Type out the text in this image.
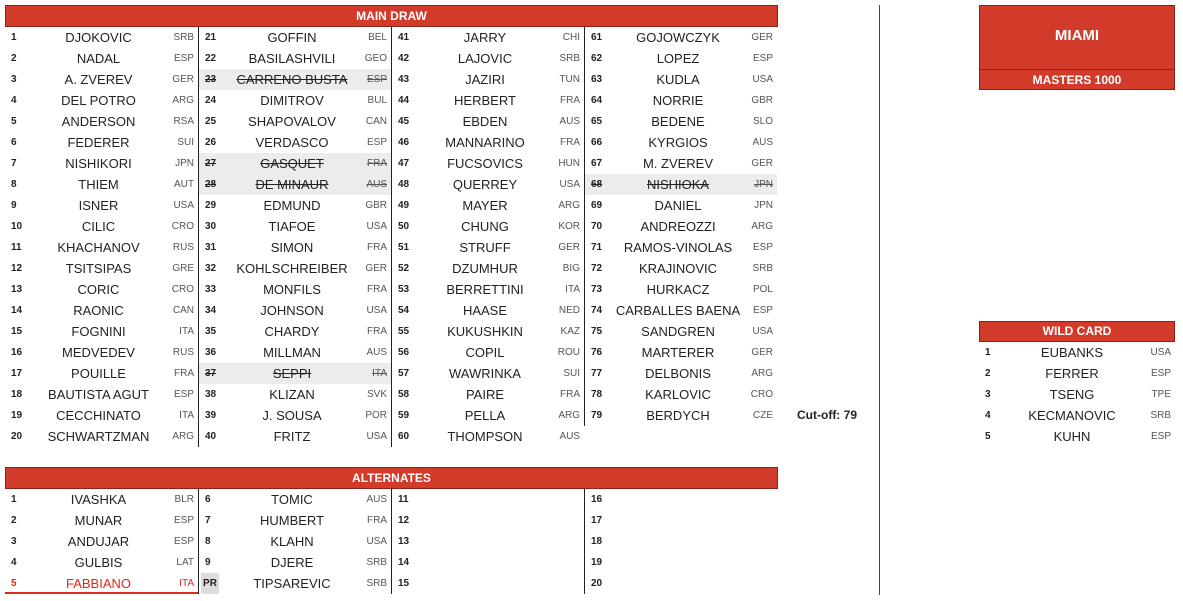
MAIN DRAW
1	DJOKOVIC	SRB
2	NADAL	ESP
3	A. ZVEREV	GER
4	DEL POTRO	ARG
5	ANDERSON	RSA
6	FEDERER	SUI
7	NISHIKORI	JPN
8	THIEM	AUT
9	ISNER	USA
10	CILIC	CRO
11	KHACHANOV	RUS
12	TSITSIPAS	GRE
13	CORIC	CRO
14	RAONIC	CAN
15	FOGNINI	ITA
16	MEDVEDEV	RUS
17	POUILLE	FRA
18	BAUTISTA AGUT	ESP
19	CECCHINATO	ITA
20	SCHWARTZMAN	ARG
21	GOFFIN	BEL
22	BASILASHVILI	GEO
23	CARRENO BUSTA	ESP
24	DIMITROV	BUL
25	SHAPOVALOV	CAN
26	VERDASCO	ESP
27	GASQUET	FRA
28	DE MINAUR	AUS
29	EDMUND	GBR
30	TIAFOE	USA
31	SIMON	FRA
32	KOHLSCHREIBER	GER
33	MONFILS	FRA
34	JOHNSON	USA
35	CHARDY	FRA
36	MILLMAN	AUS
37	SEPPI	ITA
38	KLIZAN	SVK
39	J. SOUSA	POR
40	FRITZ	USA
41	JARRY	CHI
42	LAJOVIC	SRB
43	JAZIRI	TUN
44	HERBERT	FRA
45	EBDEN	AUS
46	MANNARINO	FRA
47	FUCSOVICS	HUN
48	QUERREY	USA
49	MAYER	ARG
50	CHUNG	KOR
51	STRUFF	GER
52	DZUMHUR	BIG
53	BERRETTINI	ITA
54	HAASE	NED
55	KUKUSHKIN	KAZ
56	COPIL	ROU
57	WAWRINKA	SUI
58	PAIRE	FRA
59	PELLA	ARG
60	THOMPSON	AUS
61	GOJOWCZYK	GER
62	LOPEZ	ESP
63	KUDLA	USA
64	NORRIE	GBR
65	BEDENE	SLO
66	KYRGIOS	AUS
67	M. ZVEREV	GER
68	NISHIOKA	JPN
69	DANIEL	JPN
70	ANDREOZZI	ARG
71	RAMOS-VINOLAS	ESP
72	KRAJINOVIC	SRB
73	HURKACZ	POL
74	CARBALLES BAENA	ESP
75	SANDGREN	USA
76	MARTERER	GER
77	DELBONIS	ARG
78	KARLOVIC	CRO
79	BERDYCH	CZE Cut-off: 79
ALTERNATES
1	IVASHKA	BLR
2	MUNAR	ESP
3	ANDUJAR	ESP
4	GULBIS	LAT
5	FABBIANO	ITA
6	TOMIC	AUS
7	HUMBERT	FRA
8	KLAHN	USA
9	DJERE	SRB
PR	TIPSAREVIC	SRB
11
12
13
14
15
16
17
18
19
20
MIAMI
MASTERS 1000
WILD CARD
1	EUBANKS	USA
2	FERRER	ESP
3	TSENG	TPE
4	KECMANOVIC	SRB
5	KUHN	ESP
